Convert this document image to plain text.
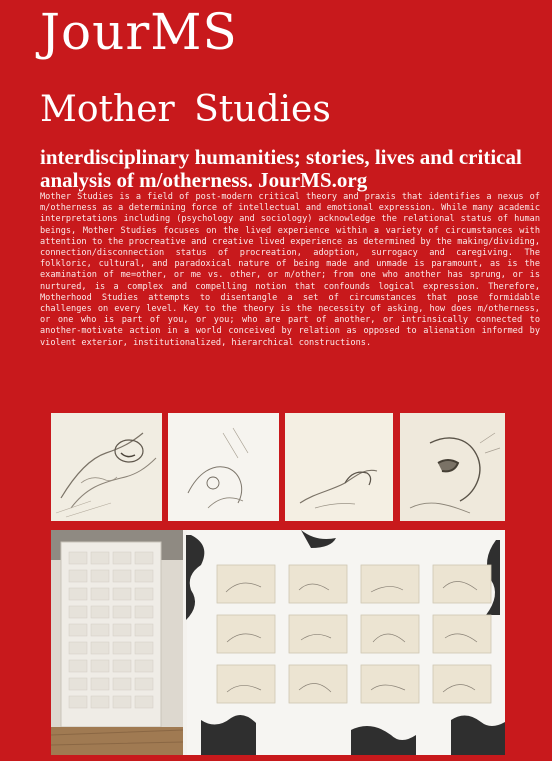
JourMS
Mother Studies

interdisciplinary humanities; stories, lives and critical analysis of m/otherness. JourMS.org

Mother Studies is a field of post-modern critical theory and praxis that identifies a nexus of m/otherness as a determining force of intellectual and emotional expression. While many academic interpretations including (psychology and sociology) acknowledge the relational status of human beings, Mother Studies focuses on the lived experience within a variety of circumstances with attention to the procreative and creative lived experience as determined by the making/dividing, connection/disconnection status of procreation, adoption, surrogacy and caregiving. The folkloric, cultural, and paradoxical nature of being made and unmade is paramount, as is the examination of me=other, or me vs. other, or m/other; from one who another has sprung, or is nurtured, is a complex and compelling notion that confounds logical expression. Therefore, Motherhood Studies attempts to disentangle a set of circumstances that pose formidable challenges on every level. Key to the theory is the necessity of asking, how does m/otherness, or one who is part of you, or you; who are part of another, or intrinsically connected to another-motivate action in a world conceived by relation as opposed to alienation informed by violent exterior, institutionalized, hierarchical constructions.
